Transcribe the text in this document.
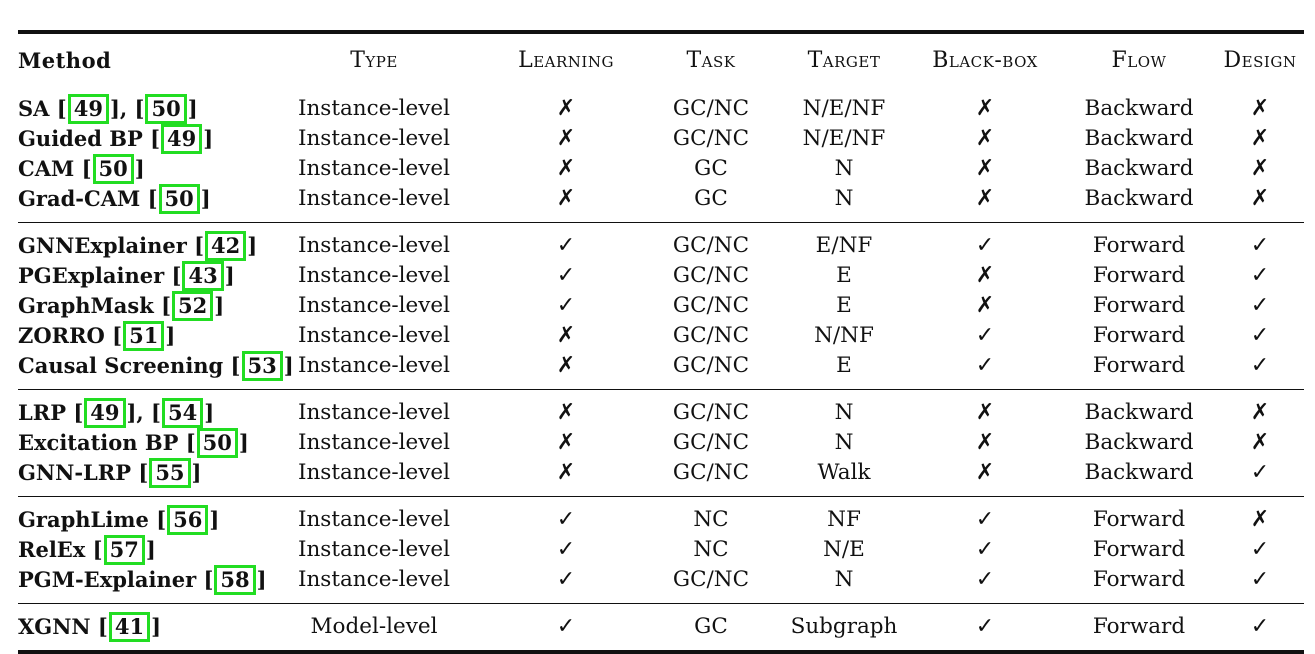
Method	Type	Learning	Task	Target	Black-box	Flow	Design
SA [ 49 ], [ 50 ]	Instance-level	✗	GC/NC	N/E/NF	✗	Backward	✗
Guided BP [ 49 ]	Instance-level	✗	GC/NC	N/E/NF	✗	Backward	✗
CAM [ 50 ]	Instance-level	✗	GC	N	✗	Backward	✗
Grad-CAM [ 50 ]	Instance-level	✗	GC	N	✗	Backward	✗
GNNExplainer [ 42 ]	Instance-level	✓	GC/NC	E/NF	✓	Forward	✓
PGExplainer [ 43 ]	Instance-level	✓	GC/NC	E	✗	Forward	✓
GraphMask [ 52 ]	Instance-level	✓	GC/NC	E	✗	Forward	✓
ZORRO [ 51 ]	Instance-level	✗	GC/NC	N/NF	✓	Forward	✓
Causal Screening [ 53 ]	Instance-level	✗	GC/NC	E	✓	Forward	✓
LRP [ 49 ], [ 54 ]	Instance-level	✗	GC/NC	N	✗	Backward	✗
Excitation BP [ 50 ]	Instance-level	✗	GC/NC	N	✗	Backward	✗
GNN-LRP [ 55 ]	Instance-level	✗	GC/NC	Walk	✗	Backward	✓
GraphLime [ 56 ]	Instance-level	✓	NC	NF	✓	Forward	✗
RelEx [ 57 ]	Instance-level	✓	NC	N/E	✓	Forward	✓
PGM-Explainer [ 58 ]	Instance-level	✓	GC/NC	N	✓	Forward	✓
XGNN [ 41 ]	Model-level	✓	GC	Subgraph	✓	Forward	✓
